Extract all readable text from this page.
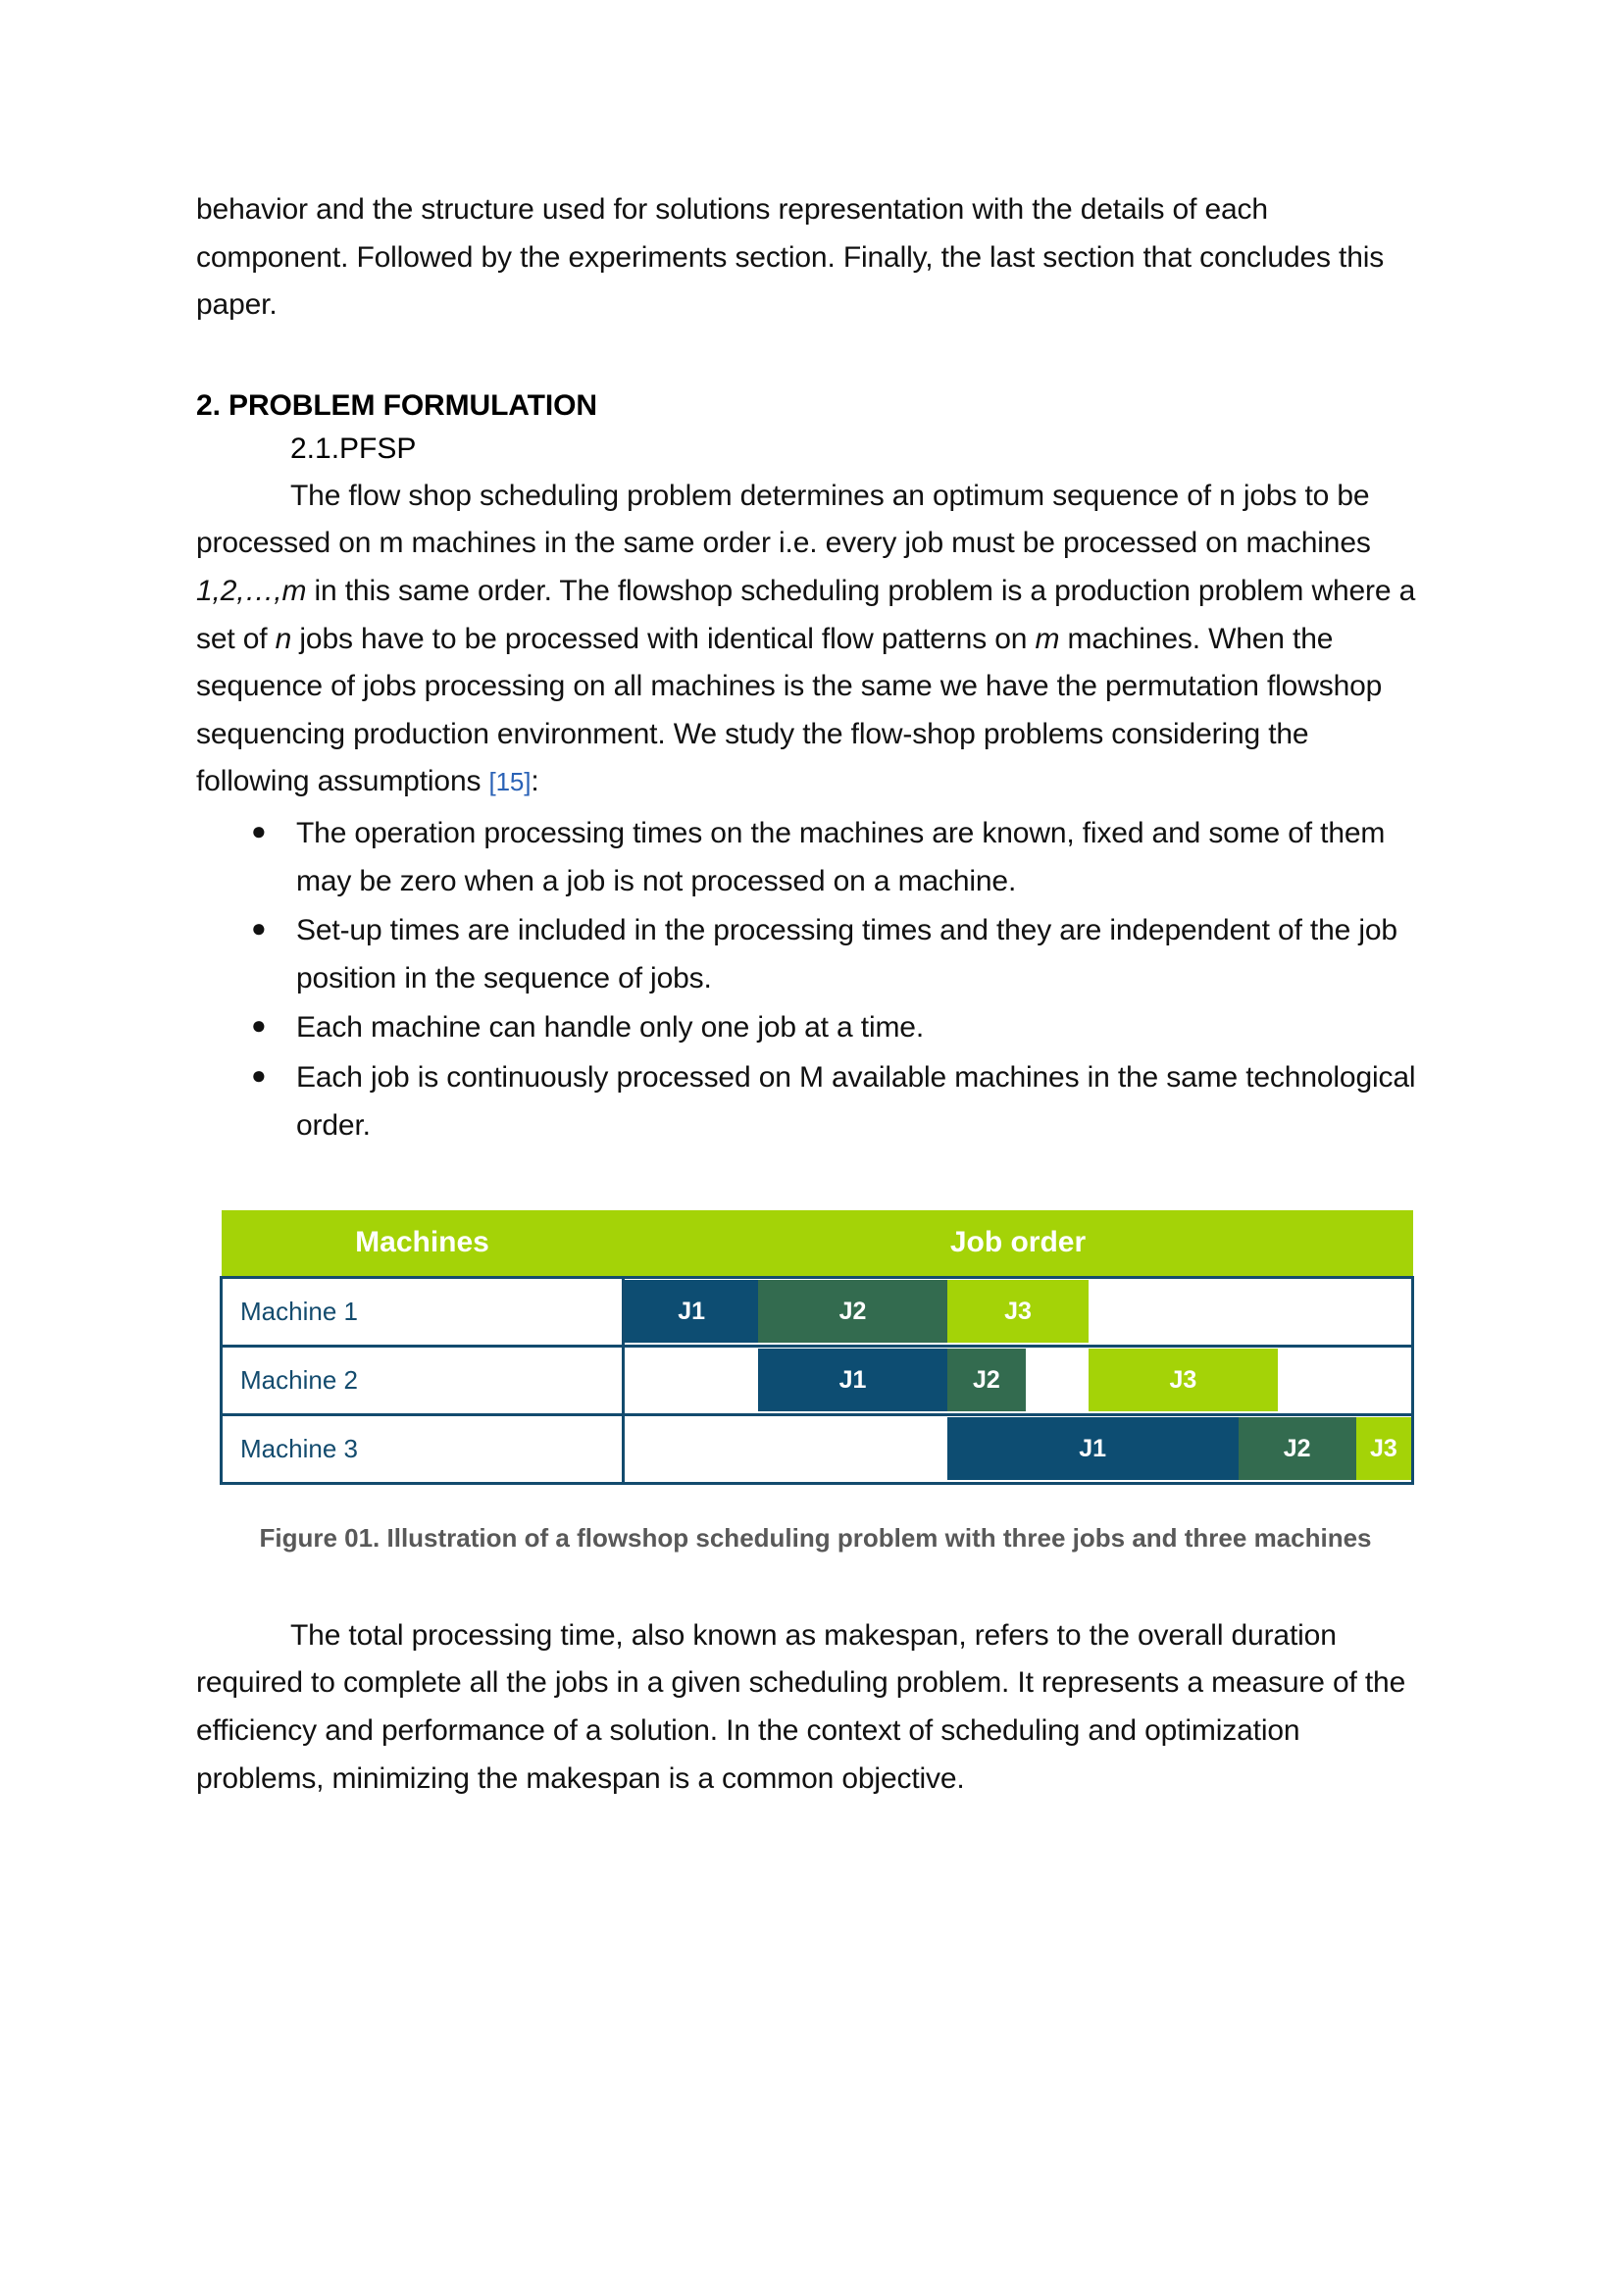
behavior and the structure used for solutions representation with the details of each component. Followed by the experiments section. Finally, the last section that concludes this paper.

2. PROBLEM FORMULATION
2.1.PFSP

The flow shop scheduling problem determines an optimum sequence of n jobs to be processed on m machines in the same order i.e. every job must be processed on machines 1,2,…,m in this same order. The flowshop scheduling problem is a production problem where a set of n jobs have to be processed with identical flow patterns on m machines. When the sequence of jobs processing on all machines is the same we have the permutation flowshop sequencing production environment. We study the flow-shop problems considering the following assumptions [15]:

● The operation processing times on the machines are known, fixed and some of them may be zero when a job is not processed on a machine.
● Set-up times are included in the processing times and they are independent of the job position in the sequence of jobs.
● Each machine can handle only one job at a time.
● Each job is continuously processed on M available machines in the same technological order.
Machines	Job order
Machine 1	J1 J2 J3

Machine 2	J1 J2 J3

Machine 3	J1 J2 J3
Figure 01. Illustration of a flowshop scheduling problem with three jobs and three machines

The total processing time, also known as makespan, refers to the overall duration required to complete all the jobs in a given scheduling problem. It represents a measure of the efficiency and performance of a solution. In the context of scheduling and optimization problems, minimizing the makespan is a common objective.
